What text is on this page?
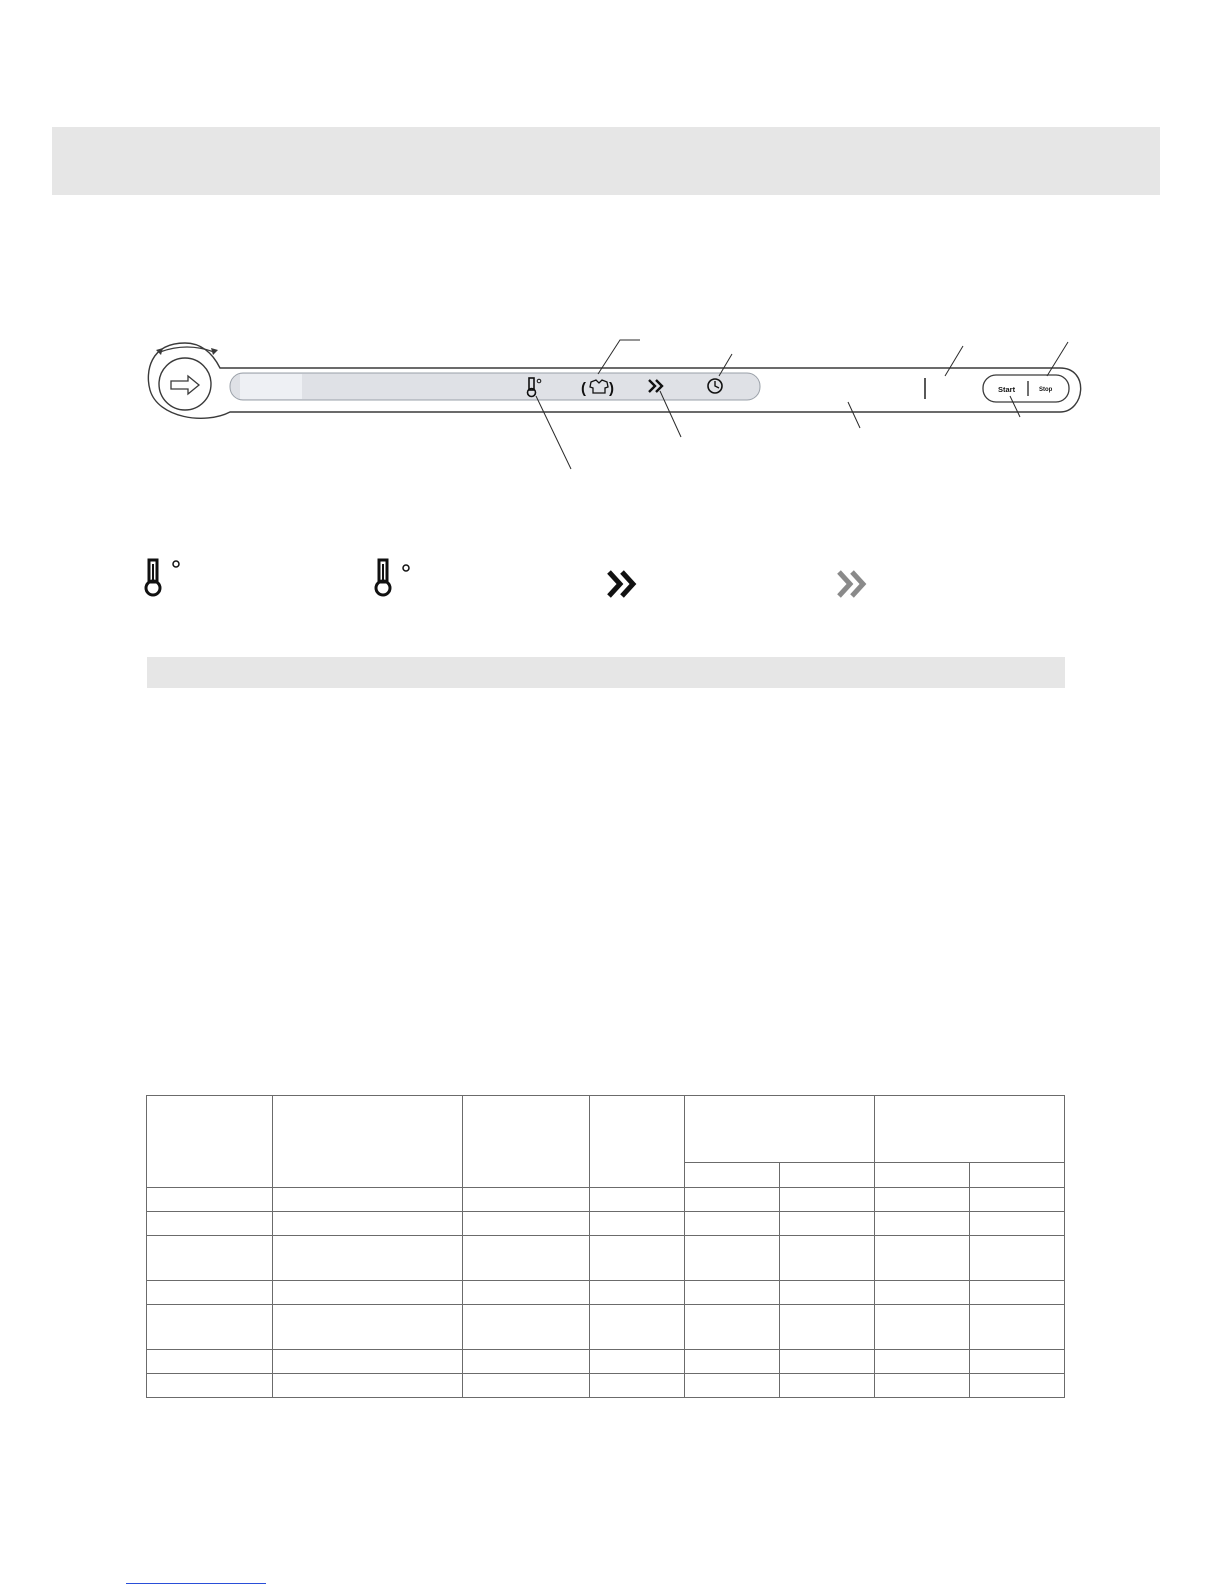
( )	Start	Stop
